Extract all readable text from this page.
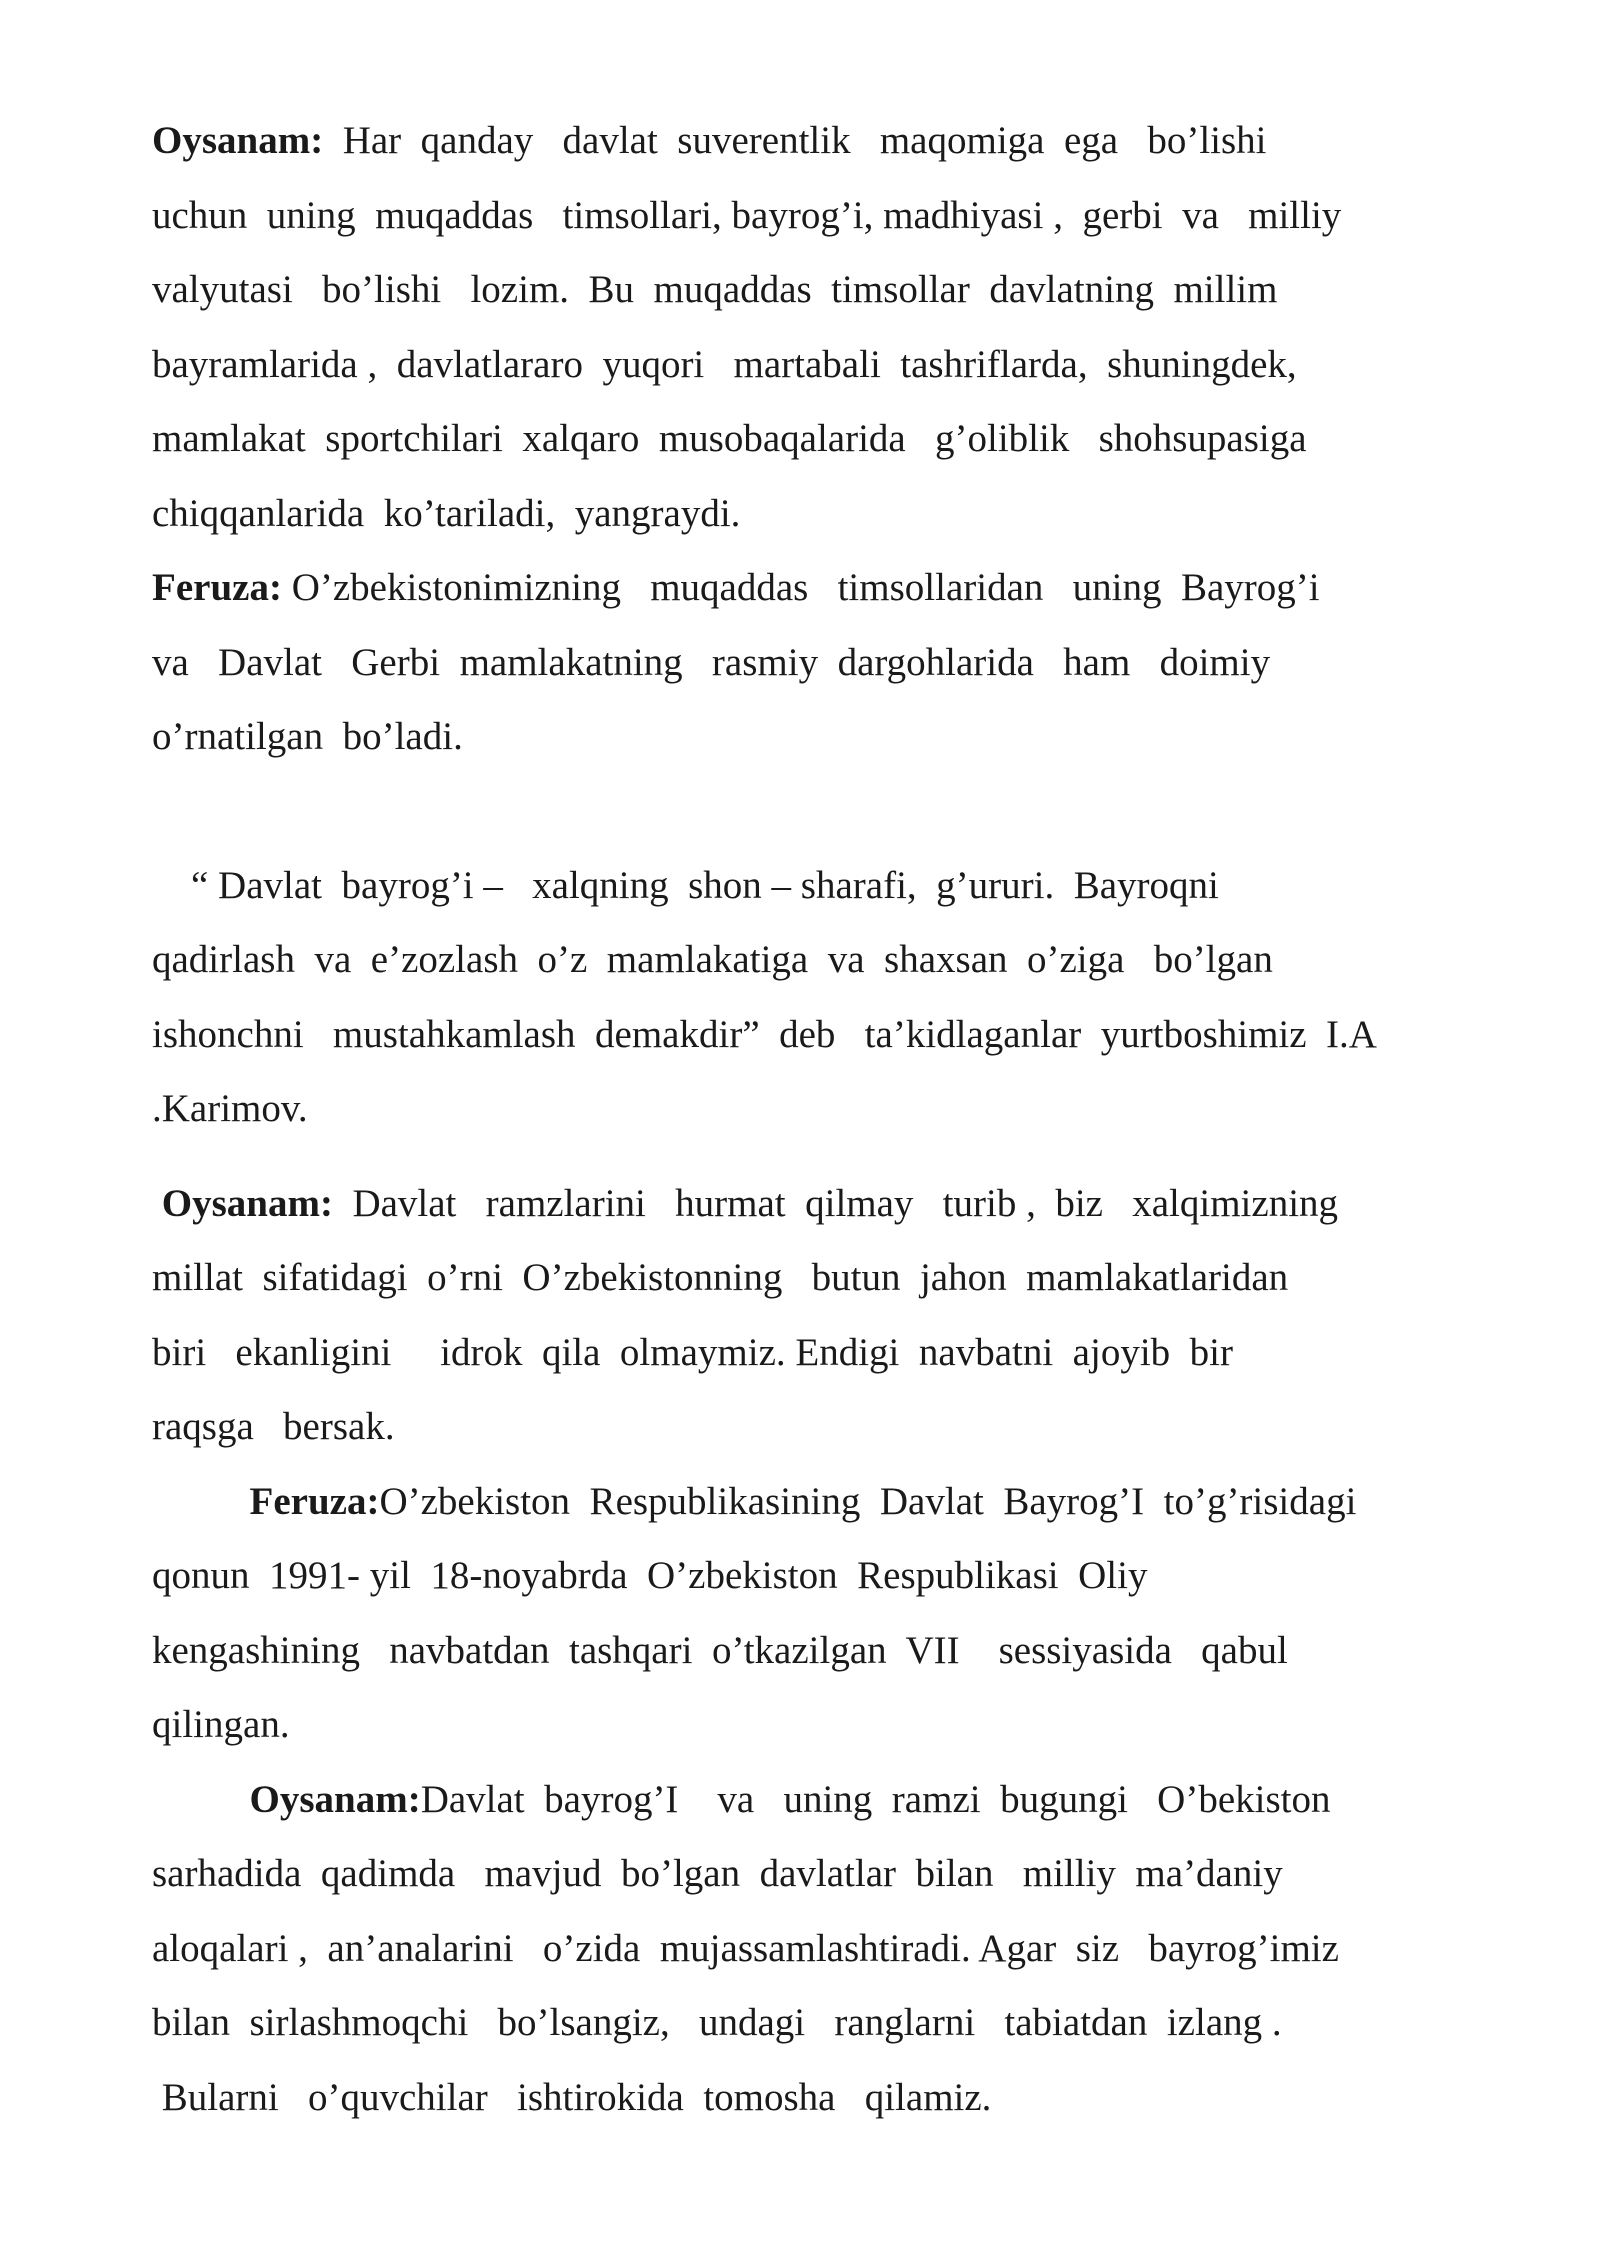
Oysanam:  Har  qanday   davlat  suverentlik   maqomiga  ega   bo’lishi
uchun  uning  muqaddas   timsollari, bayrog’i, madhiyasi ,  gerbi  va   milliy
valyutasi   bo’lishi   lozim.  Bu  muqaddas  timsollar  davlatning  millim
bayramlarida ,  davlatlararo  yuqori   martabali  tashriflarda,  shuningdek,
mamlakat  sportchilari  xalqaro  musobaqalarida   g’oliblik   shohsupasiga
chiqqanlarida  ko’tariladi,  yangraydi.
Feruza: O’zbekistonimizning   muqaddas   timsollaridan   uning  Bayrog’i
va   Davlat   Gerbi  mamlakatning   rasmiy  dargohlarida   ham   doimiy
o’rnatilgan  bo’ladi.
“ Davlat  bayrog’i –   xalqning  shon – sharafi,  g’ururi.  Bayroqni
qadirlash  va  e’zozlash  o’z  mamlakatiga  va  shaxsan  o’ziga   bo’lgan
ishonchni   mustahkamlash  demakdir”  deb   ta’kidlaganlar  yurtboshimiz  I.A
.Karimov.
Oysanam:  Davlat   ramzlarini   hurmat  qilmay   turib ,  biz   xalqimizning
millat  sifatidagi  o’rni  O’zbekistonning   butun  jahon  mamlakatlaridan
biri   ekanligini     idrok  qila  olmaymiz. Endigi  navbatni  ajoyib  bir
raqsga   bersak.
Feruza:O’zbekiston  Respublikasining  Davlat  Bayrog’I  to’g’risidagi
qonun  1991- yil  18-noyabrda  O’zbekiston  Respublikasi  Oliy
kengashining   navbatdan  tashqari  o’tkazilgan  VII    sessiyasida   qabul
qilingan.
Oysanam:Davlat  bayrog’I    va   uning  ramzi  bugungi   O’bekiston
sarhadida  qadimda   mavjud  bo’lgan  davlatlar  bilan   milliy  ma’daniy
aloqalari ,  an’analarini   o’zida  mujassamlashtiradi. Agar  siz   bayrog’imiz
bilan  sirlashmoqchi   bo’lsangiz,   undagi   ranglarni   tabiatdan  izlang .
Bularni   o’quvchilar   ishtirokida  tomosha   qilamiz.
